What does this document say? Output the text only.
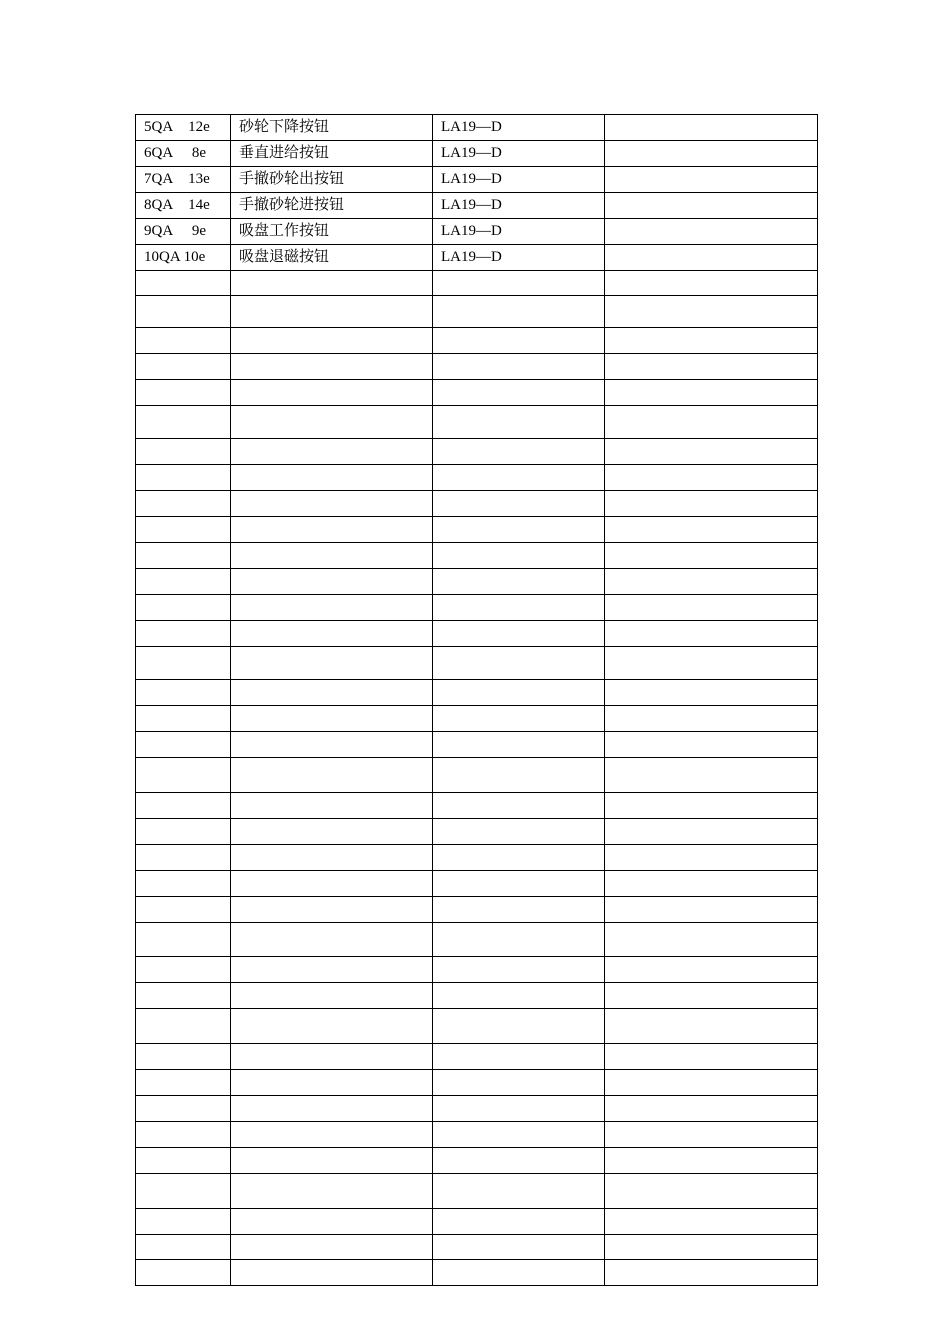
5QA    12e	砂轮下降按钮	LA19—D	
6QA     8e	垂直进给按钮	LA19—D	
7QA    13e	手撤砂轮出按钮	LA19—D	
8QA    14e	手撤砂轮进按钮	LA19—D	
9QA     9e	吸盘工作按钮	LA19—D	
10QA 10e	吸盘退磁按钮	LA19—D	
